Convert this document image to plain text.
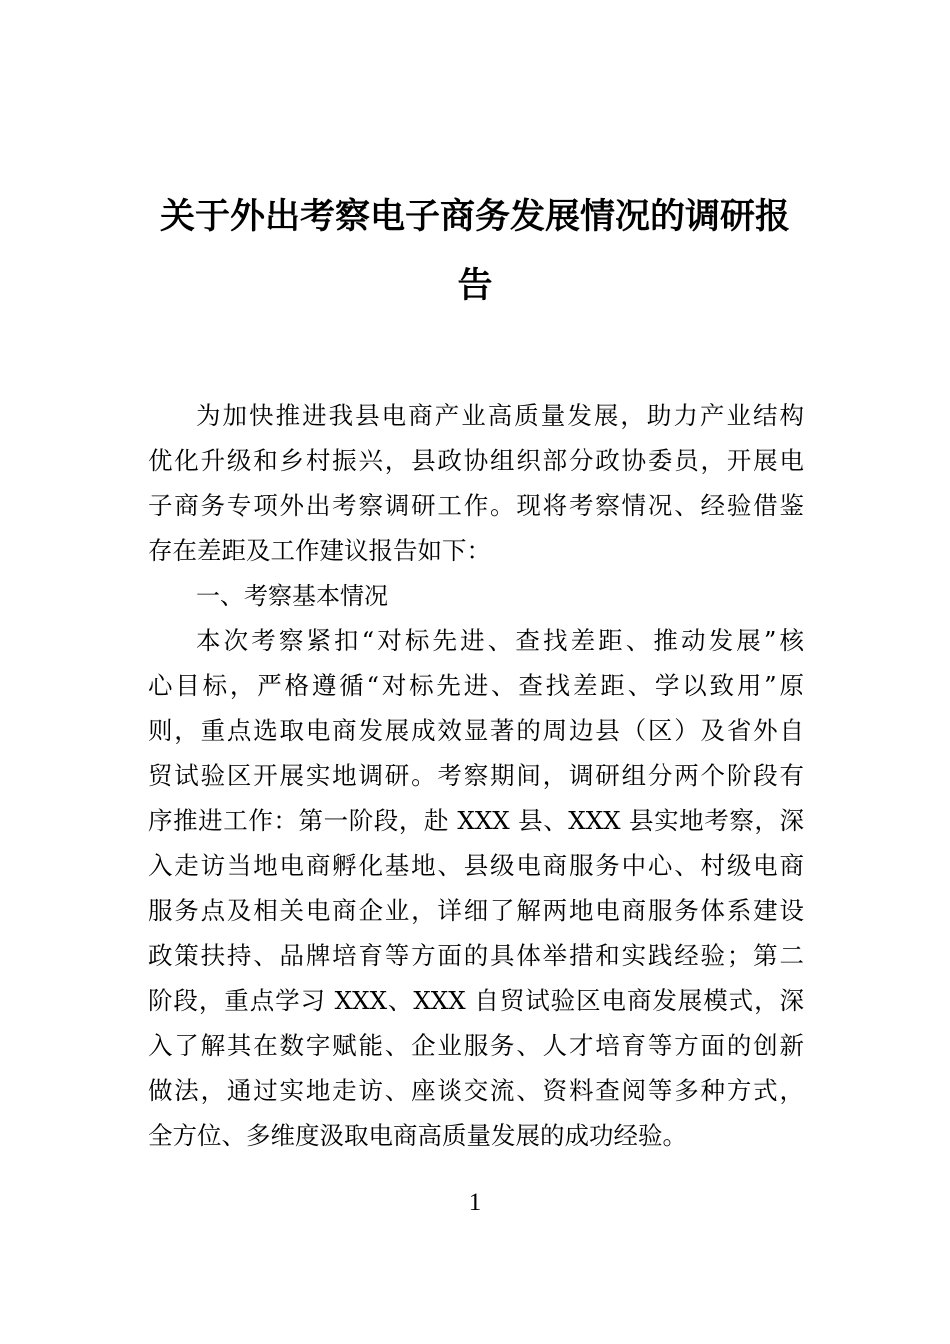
关于外出考察电子商务发展情况的调研报
告
为加快推进我县电商产业高质量发展，助力产业结构
优化升级和乡村振兴，县政协组织部分政协委员，开展电
子商务专项外出考察调研工作。现将考察情况、经验借鉴
存在差距及工作建议报告如下：
一、考察基本情况
本次考察紧扣“对标先进、查找差距、推动发展”核
心目标，严格遵循“对标先进、查找差距、学以致用”原
则，重点选取电商发展成效显著的周边县（区）及省外自
贸试验区开展实地调研。考察期间，调研组分两个阶段有
序推进工作：第一阶段，赴 XXX 县、XXX 县实地考察，深
入走访当地电商孵化基地、县级电商服务中心、村级电商
服务点及相关电商企业，详细了解两地电商服务体系建设
政策扶持、品牌培育等方面的具体举措和实践经验；第二
阶段，重点学习 XXX、XXX 自贸试验区电商发展模式，深
入了解其在数字赋能、企业服务、人才培育等方面的创新
做法，通过实地走访、座谈交流、资料查阅等多种方式，
全方位、多维度汲取电商高质量发展的成功经验。
1
